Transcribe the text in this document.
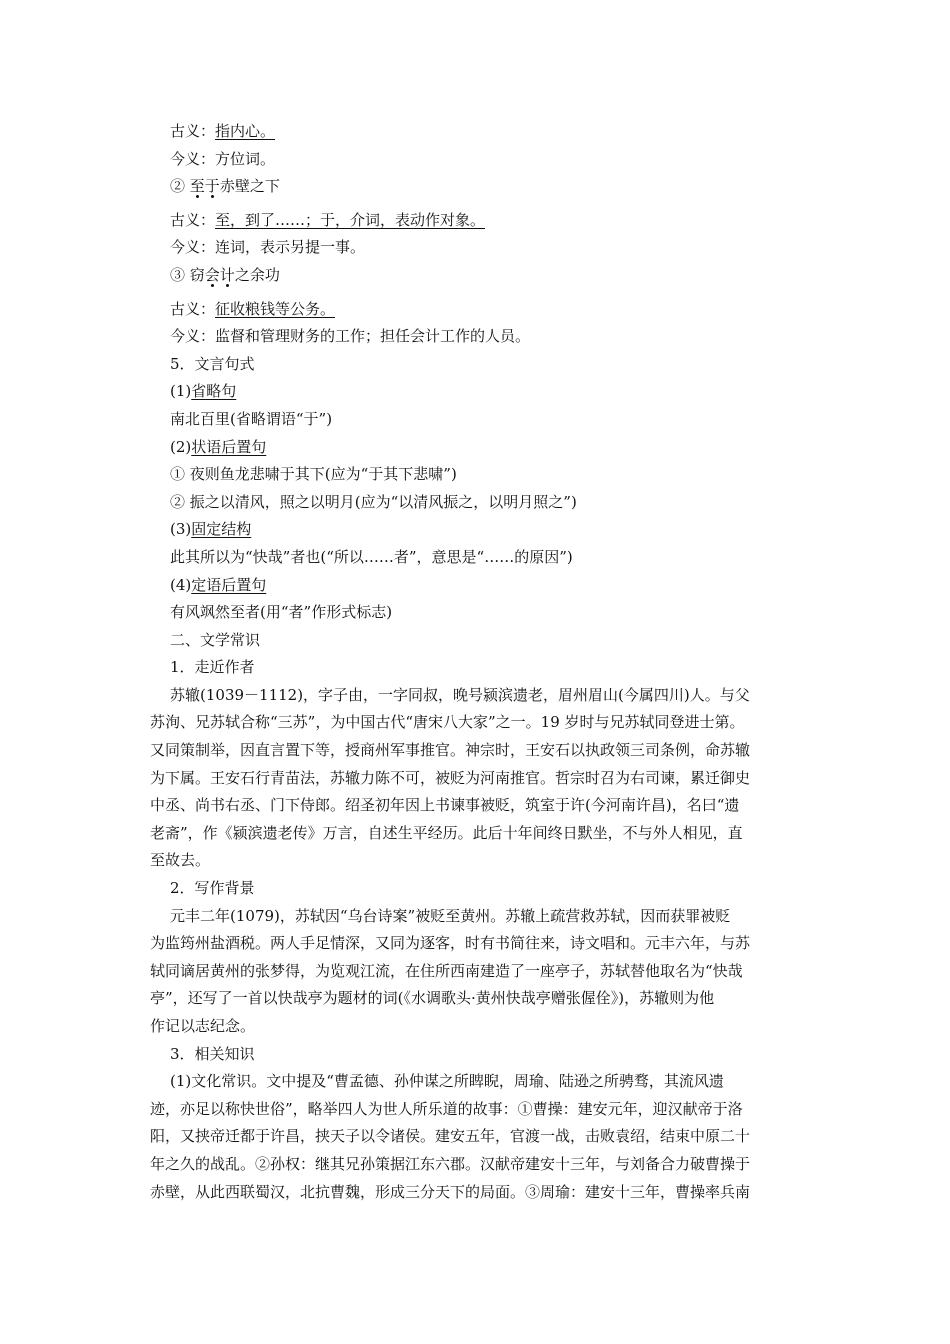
古义：指内心。
今义：方位词。
② 至于赤壁之下
古义：至，到了……；于，介词，表动作对象。
今义：连词，表示另提一事。
③ 窃会计之余功
古义：征收粮钱等公务。
今义：监督和管理财务的工作；担任会计工作的人员。
5．文言句式
(1)省略句
南北百里(省略谓语“于”)
(2)状语后置句
① 夜则鱼龙悲啸于其下(应为“于其下悲啸”)
② 振之以清风，照之以明月(应为“以清风振之，以明月照之”)
(3)固定结构
此其所以为“快哉”者也(“所以……者”，意思是“……的原因”)
(4)定语后置句
有风飒然至者(用“者”作形式标志)
二、文学常识
1．走近作者
苏辙(1039－1112)，字子由，一字同叔，晚号颍滨遗老，眉州眉山(今属四川)人。与父
苏洵、兄苏轼合称“三苏”，为中国古代“唐宋八大家”之一。19 岁时与兄苏轼同登进士第。
又同策制举，因直言置下等，授商州军事推官。神宗时，王安石以执政领三司条例，命苏辙
为下属。王安石行青苗法，苏辙力陈不可，被贬为河南推官。哲宗时召为右司谏，累迁御史
中丞、尚书右丞、门下侍郎。绍圣初年因上书谏事被贬，筑室于许(今河南许昌)，名曰“遗
老斋”，作《颍滨遗老传》万言，自述生平经历。此后十年间终日默坐，不与外人相见，直
至故去。
2．写作背景
元丰二年(1079)，苏轼因“乌台诗案”被贬至黄州。苏辙上疏营救苏轼，因而获罪被贬
为监筠州盐酒税。两人手足情深，又同为逐客，时有书简往来，诗文唱和。元丰六年，与苏
轼同谪居黄州的张梦得，为览观江流，在住所西南建造了一座亭子，苏轼替他取名为“快哉
亭”，还写了一首以快哉亭为题材的词(《水调歌头·黄州快哉亭赠张偓佺》)，苏辙则为他
作记以志纪念。
3．相关知识
(1)文化常识。文中提及“曹孟德、孙仲谋之所睥睨，周瑜、陆逊之所骋骛，其流风遗
迹，亦足以称快世俗”，略举四人为世人所乐道的故事：①曹操：建安元年，迎汉献帝于洛
阳，又挟帝迁都于许昌，挟天子以令诸侯。建安五年，官渡一战，击败袁绍，结束中原二十
年之久的战乱。②孙权：继其兄孙策据江东六郡。汉献帝建安十三年，与刘备合力破曹操于
赤壁，从此西联蜀汉，北抗曹魏，形成三分天下的局面。③周瑜：建安十三年，曹操率兵南
